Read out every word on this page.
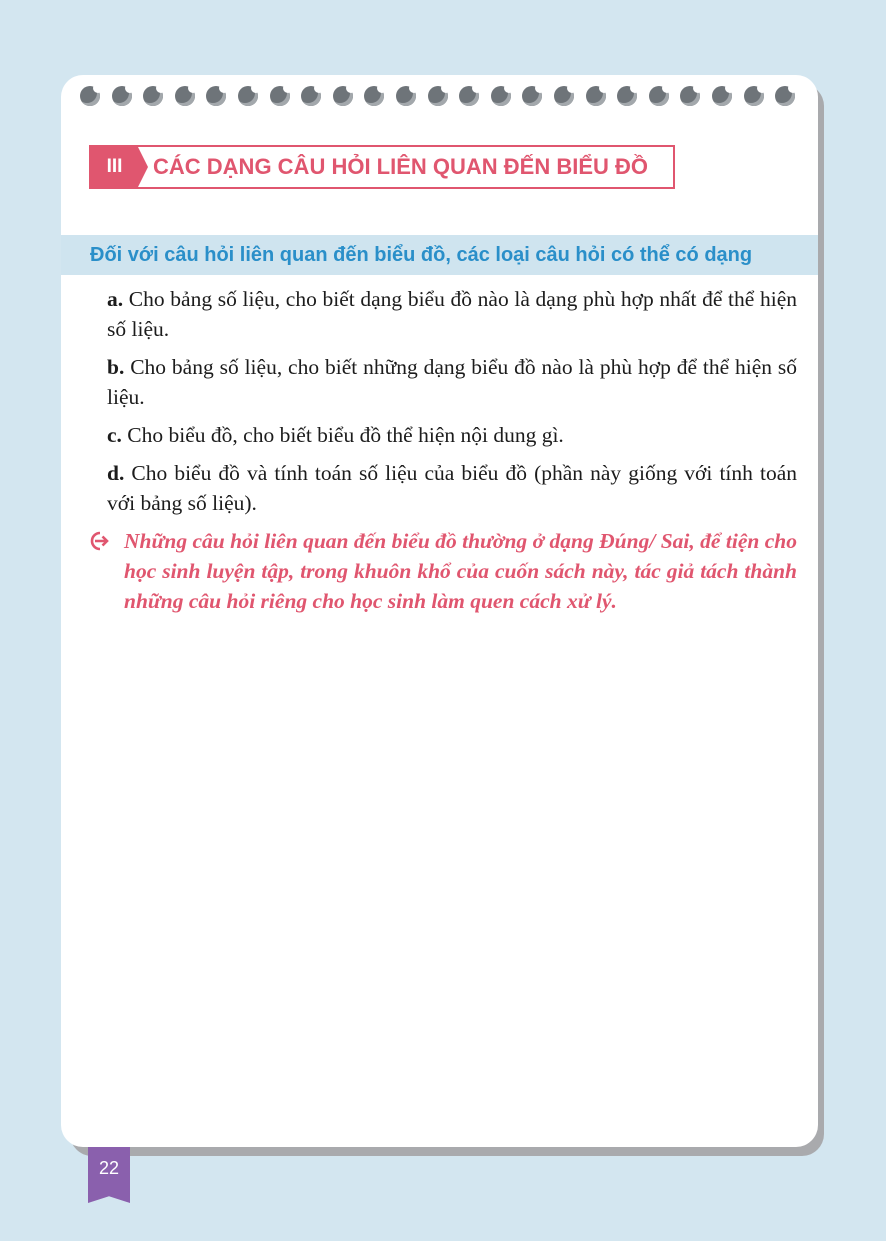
III	CÁC DẠNG CÂU HỎI LIÊN QUAN ĐẾN BIỂU ĐỒ
Đối với câu hỏi liên quan đến biểu đồ, các loại câu hỏi có thể có dạng

a. Cho bảng số liệu, cho biết dạng biểu đồ nào là dạng phù hợp nhất để thể hiện số liệu.

b. Cho bảng số liệu, cho biết những dạng biểu đồ nào là phù hợp để thể hiện số liệu.

c. Cho biểu đồ, cho biết biểu đồ thể hiện nội dung gì.

d. Cho biểu đồ và tính toán số liệu của biểu đồ (phần này giống với tính toán với bảng số liệu).

Những câu hỏi liên quan đến biểu đồ thường ở dạng Đúng/ Sai, để tiện cho học sinh luyện tập, trong khuôn khổ của cuốn sách này, tác giả tách thành những câu hỏi riêng cho học sinh làm quen cách xử lý.
22
